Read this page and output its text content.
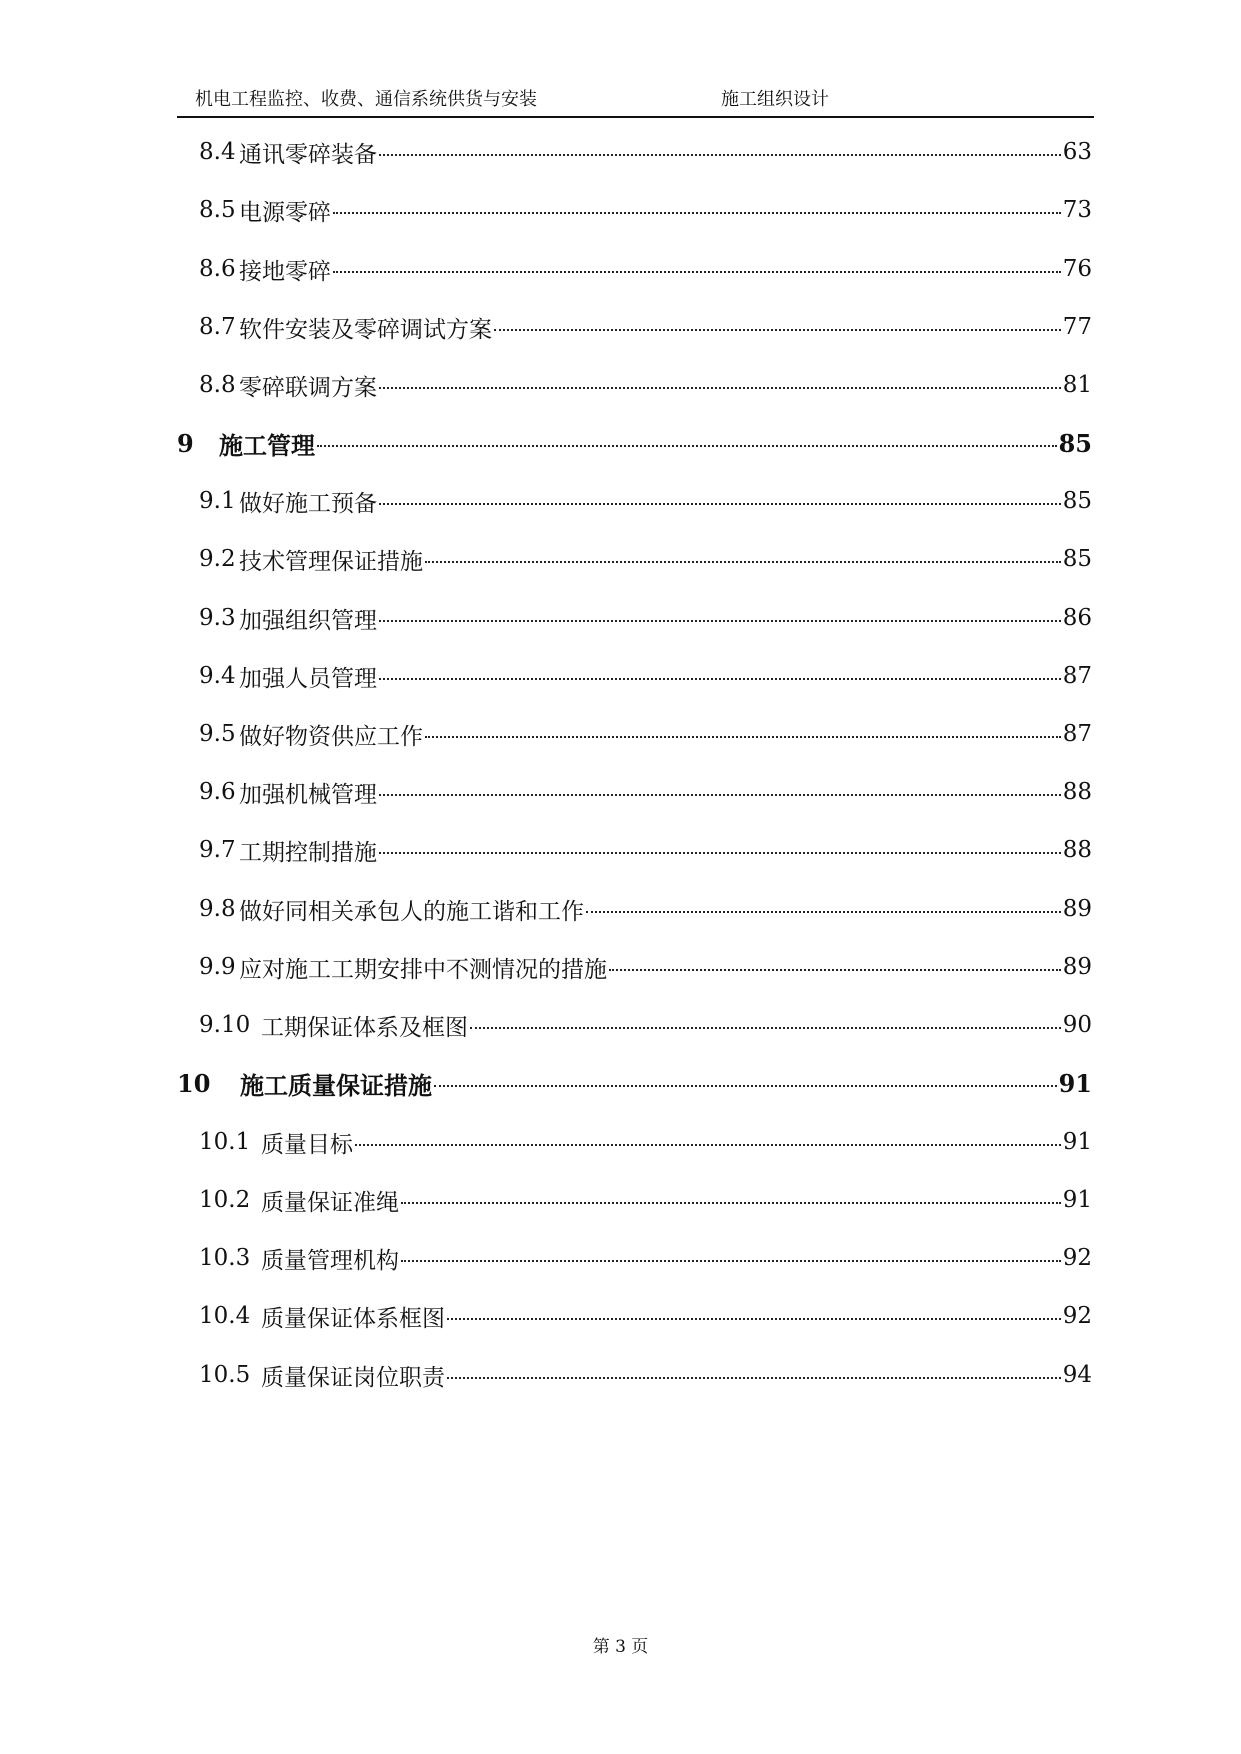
机电工程监控、收费、通信系统供货与安装	施工组织设计
8.4 通讯零碎装备	63
8.5 电源零碎	73
8.6 接地零碎	76
8.7 软件安装及零碎调试方案	77
8.8 零碎联调方案	81
9 施工管理	85
9.1 做好施工预备	85
9.2 技术管理保证措施	85
9.3 加强组织管理	86
9.4 加强人员管理	87
9.5 做好物资供应工作	87
9.6 加强机械管理	88
9.7 工期控制措施	88
9.8 做好同相关承包人的施工谐和工作	89
9.9 应对施工工期安排中不测情况的措施	89
9.10 工期保证体系及框图	90
10 施工质量保证措施	91
10.1 质量目标	91
10.2 质量保证准绳	91
10.3 质量管理机构	92
10.4 质量保证体系框图	92
10.5 质量保证岗位职责	94
第 3 页
